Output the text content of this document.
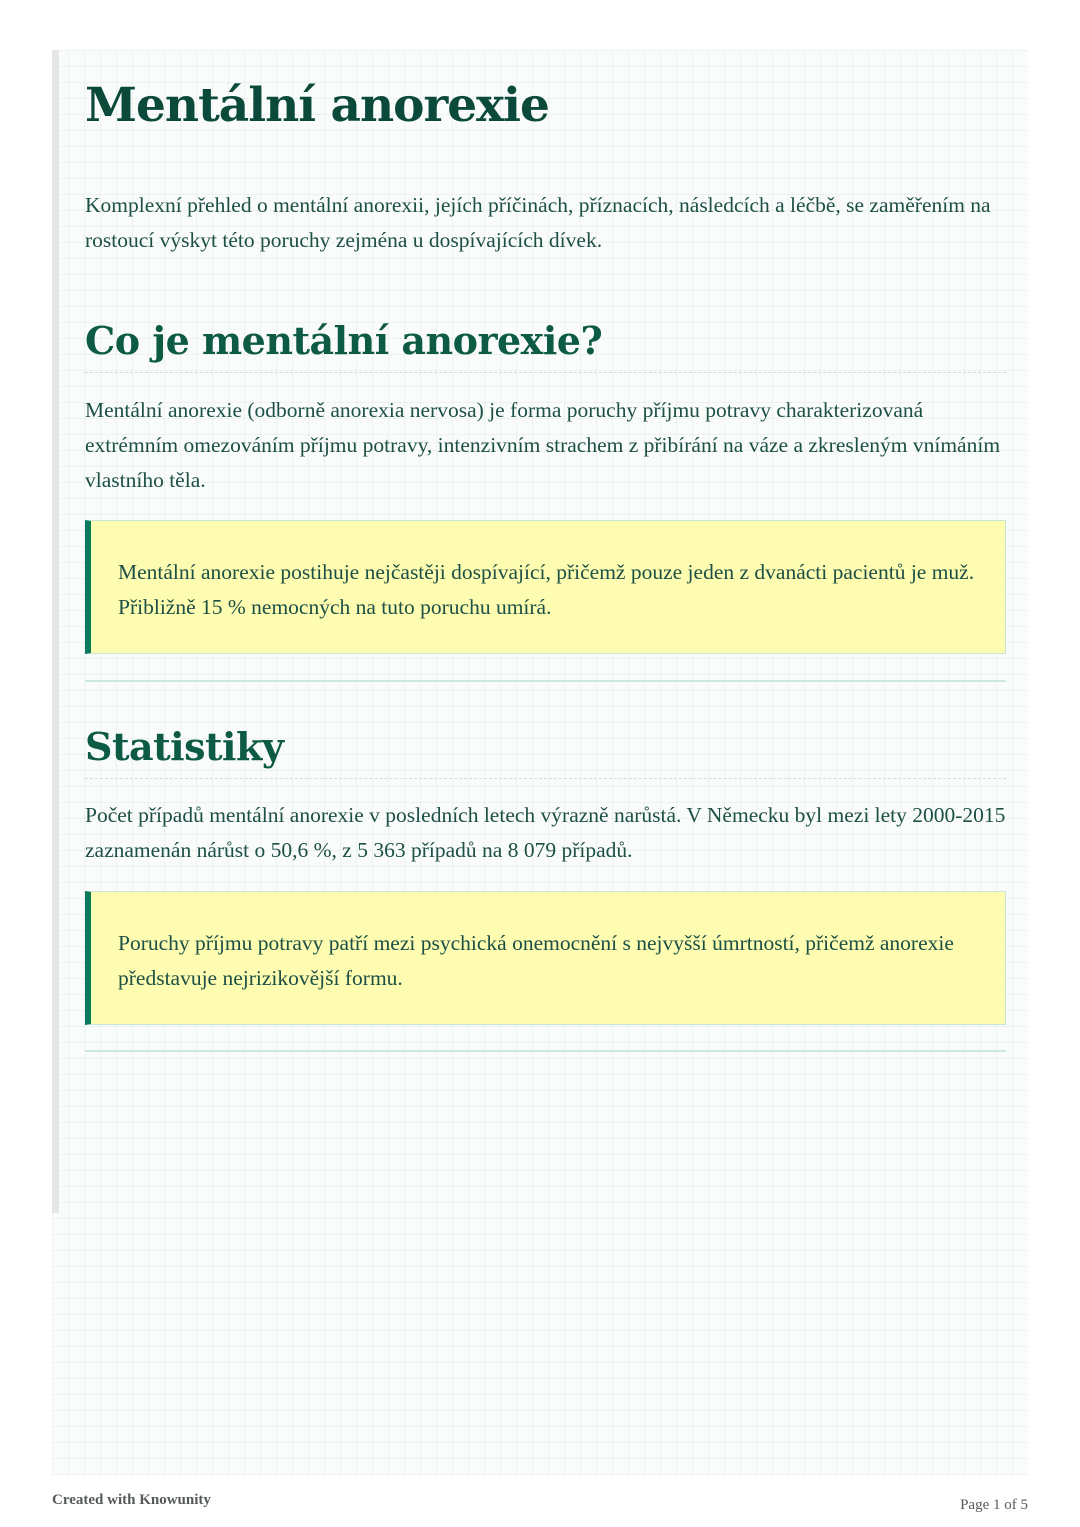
Mentální anorexie

Komplexní přehled o mentální anorexii, jejích příčinách, příznacích, následcích a léčbě, se zaměřením na rostoucí výskyt této poruchy zejména u dospívajících dívek.

Co je mentální anorexie?

Mentální anorexie (odborně anorexia nervosa) je forma poruchy příjmu potravy charakterizovaná extrémním omezováním příjmu potravy, intenzivním strachem z přibírání na váze a zkresleným vnímáním vlastního těla.

Mentální anorexie postihuje nejčastěji dospívající, přičemž pouze jeden z dvanácti pacientů je muž. Přibližně 15 % nemocných na tuto poruchu umírá.

Statistiky

Počet případů mentální anorexie v posledních letech výrazně narůstá. V Německu byl mezi lety 2000-2015 zaznamenán nárůst o 50,6 %, z 5 363 případů na 8 079 případů.

Poruchy příjmu potravy patří mezi psychická onemocnění s nejvyšší úmrtností, přičemž anorexie představuje nejrizikovější formu.

Created with Knowunity	Page 1 of 5
